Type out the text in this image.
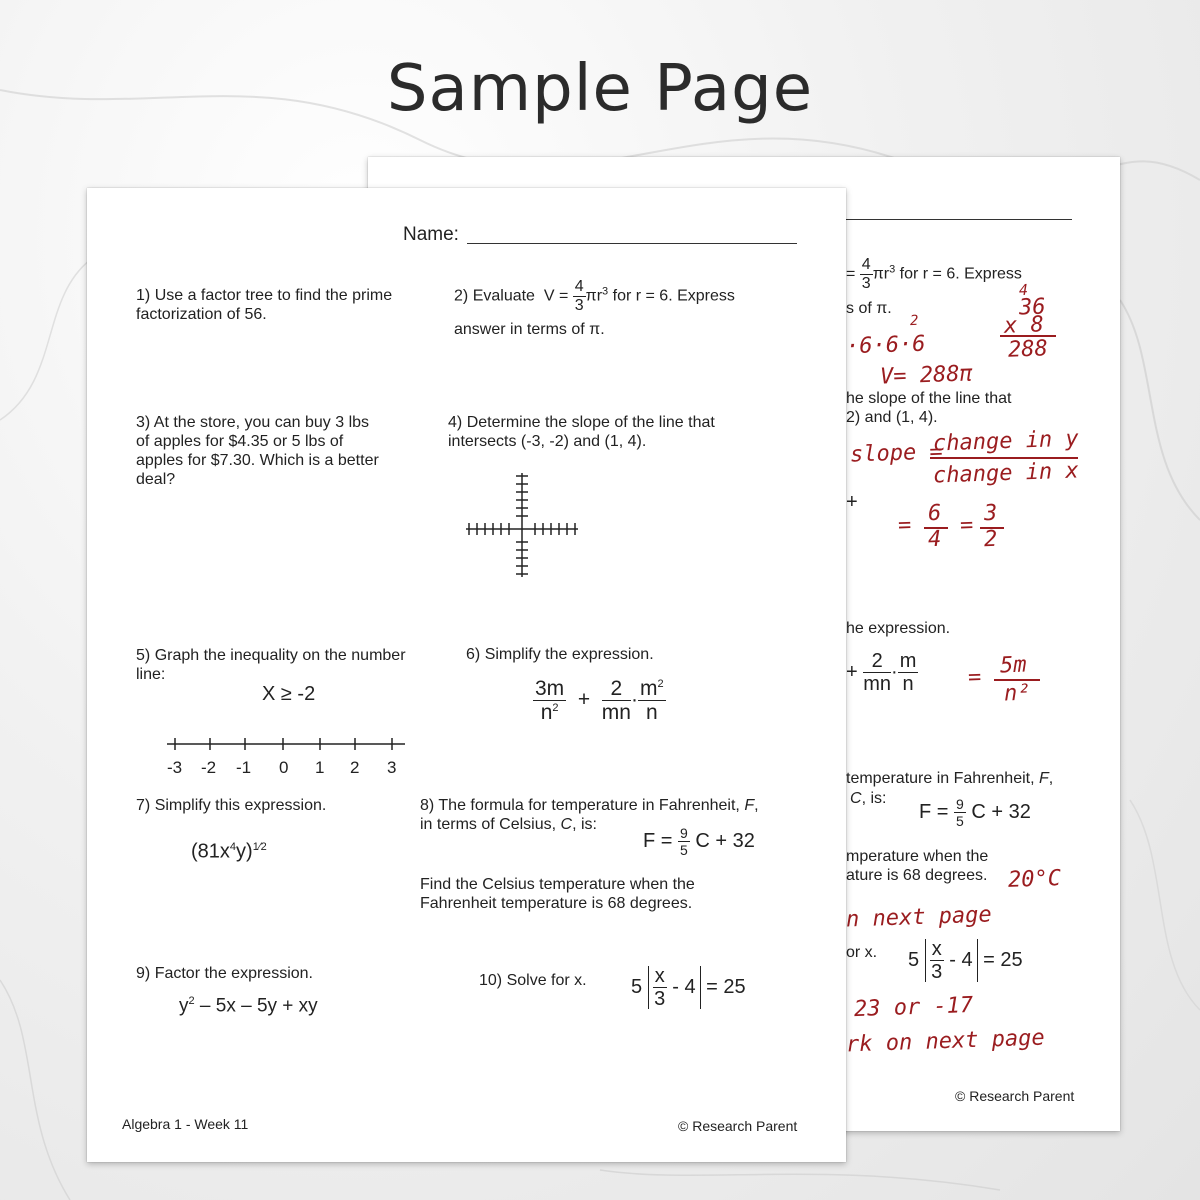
Sample Page
= $\frac{4}{3} \pi r^3$ for r = 6. Express
s of π.
·6·6·6
2
4
36
x 8
288
V= 288π
he slope of the line that
2) and (1, 4).
slope =
change in y
change in x
+
= 6
4
= 3
2
he expression.
+ $\frac{2}{mn} \cdot \frac{m}{n} = 5m$
n²
temperature in Fahrenheit, F,
C, is:
$F = \frac{9}{5}$ C + 32
mperature when the
ature is 68 degrees. 20°C
n next page
or x. $5 \frac{x}{3} - 4 = 25$
23 or -17
rk on next page
© Research Parent
Name:
1) Use a factor tree to find the prime
factorization of 56.
2) Evaluate $V = \frac{4}{3} \pi r^3$ for r = 6. Express
answer in terms of π.
3) At the store, you can buy 3 lbs
of apples for $4.35 or 5 lbs of
apples for $7.30. Which is a better
deal?
4) Determine the slope of the line that
intersects (-3, -2) and (1, 4).
5) Graph the inequality on the number
line:
X ≥ -2
-3 -2 -1 0 1 2 3
6) Simplify the expression.
$\frac{3m}{n^2} + \frac{2}{mn} \cdot \frac{m^2}{n}$
7) Simplify this expression.
$(81x^4y)^{1⁄2}$
8) The formula for temperature in Fahrenheit, F,
in terms of Celsius, C, is:
$F = \frac{9}{5}$ C + 32
Find the Celsius temperature when the
Fahrenheit temperature is 68 degrees.
9) Factor the expression.
$y^2 - 5x - 5y$ + xy
10) Solve for x. $5 \frac{x}{3} - 4 = 25$
Algebra 1 - Week 11	© Research Parent
